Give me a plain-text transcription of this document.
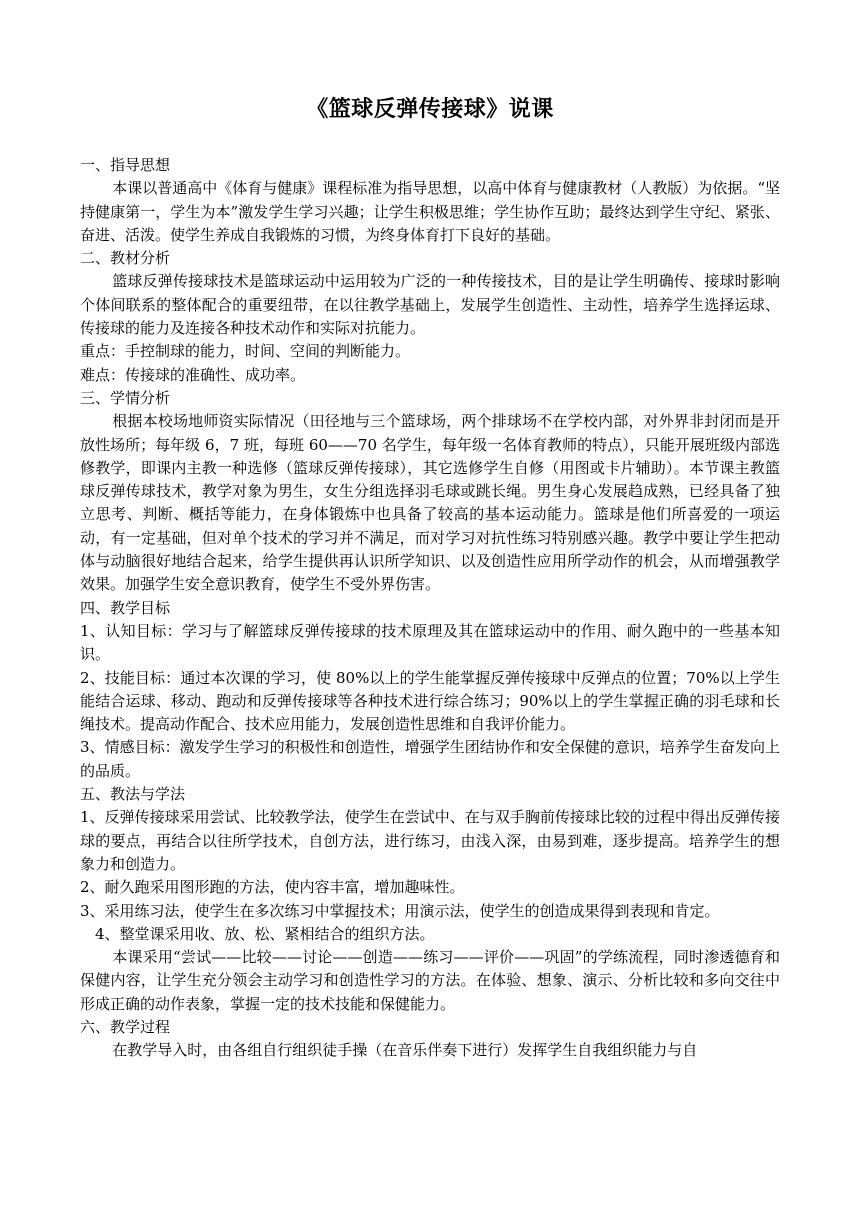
《篮球反弹传接球》说课

一、指导思想

本课以普通高中《体育与健康》课程标准为指导思想，以高中体育与健康教材（人教版）为依据。“坚持健康第一，学生为本”激发学生学习兴趣；让学生积极思维；学生协作互助；最终达到学生守纪、紧张、奋进、活泼。使学生养成自我锻炼的习惯，为终身体育打下良好的基础。

二、教材分析

篮球反弹传接球技术是篮球运动中运用较为广泛的一种传接技术，目的是让学生明确传、接球时影响个体间联系的整体配合的重要纽带，在以往教学基础上，发展学生创造性、主动性，培养学生选择运球、传接球的能力及连接各种技术动作和实际对抗能力。

重点：手控制球的能力，时间、空间的判断能力。

难点：传接球的准确性、成功率。

三、学情分析

根据本校场地师资实际情况（田径地与三个篮球场，两个排球场不在学校内部，对外界非封闭而是开放性场所；每年级 6，7 班，每班 60——70 名学生，每年级一名体育教师的特点），只能开展班级内部选修教学，即课内主教一种选修（篮球反弹传接球），其它选修学生自修（用图或卡片辅助）。本节课主教篮球反弹传球技术，教学对象为男生，女生分组选择羽毛球或跳长绳。男生身心发展趋成熟，已经具备了独立思考、判断、概括等能力，在身体锻炼中也具备了较高的基本运动能力。篮球是他们所喜爱的一项运动，有一定基础，但对单个技术的学习并不满足，而对学习对抗性练习特别感兴趣。教学中要让学生把动体与动脑很好地结合起来，给学生提供再认识所学知识、以及创造性应用所学动作的机会，从而增强教学效果。加强学生安全意识教育，使学生不受外界伤害。

四、教学目标

1、认知目标：学习与了解篮球反弹传接球的技术原理及其在篮球运动中的作用、耐久跑中的一些基本知识。

2、技能目标：通过本次课的学习，使 80%以上的学生能掌握反弹传接球中反弹点的位置；70%以上学生能结合运球、移动、跑动和反弹传接球等各种技术进行综合练习；90%以上的学生掌握正确的羽毛球和长绳技术。提高动作配合、技术应用能力，发展创造性思维和自我评价能力。

3、情感目标：激发学生学习的积极性和创造性，增强学生团结协作和安全保健的意识，培养学生奋发向上的品质。

五、教法与学法

1、反弹传接球采用尝试、比较教学法，使学生在尝试中、在与双手胸前传接球比较的过程中得出反弹传接球的要点，再结合以往所学技术，自创方法，进行练习，由浅入深，由易到难，逐步提高。培养学生的想象力和创造力。

2、耐久跑采用图形跑的方法，使内容丰富，增加趣味性。

3、采用练习法，使学生在多次练习中掌握技术；用演示法，使学生的创造成果得到表现和肯定。

4、整堂课采用收、放、松、紧相结合的组织方法。

本课采用“尝试——比较——讨论——创造——练习——评价——巩固”的学练流程，同时渗透德育和保健内容，让学生充分领会主动学习和创造性学习的方法。在体验、想象、演示、分析比较和多向交往中形成正确的动作表象，掌握一定的技术技能和保健能力。

六、教学过程

在教学导入时，由各组自行组织徒手操（在音乐伴奏下进行）发挥学生自我组织能力与自
